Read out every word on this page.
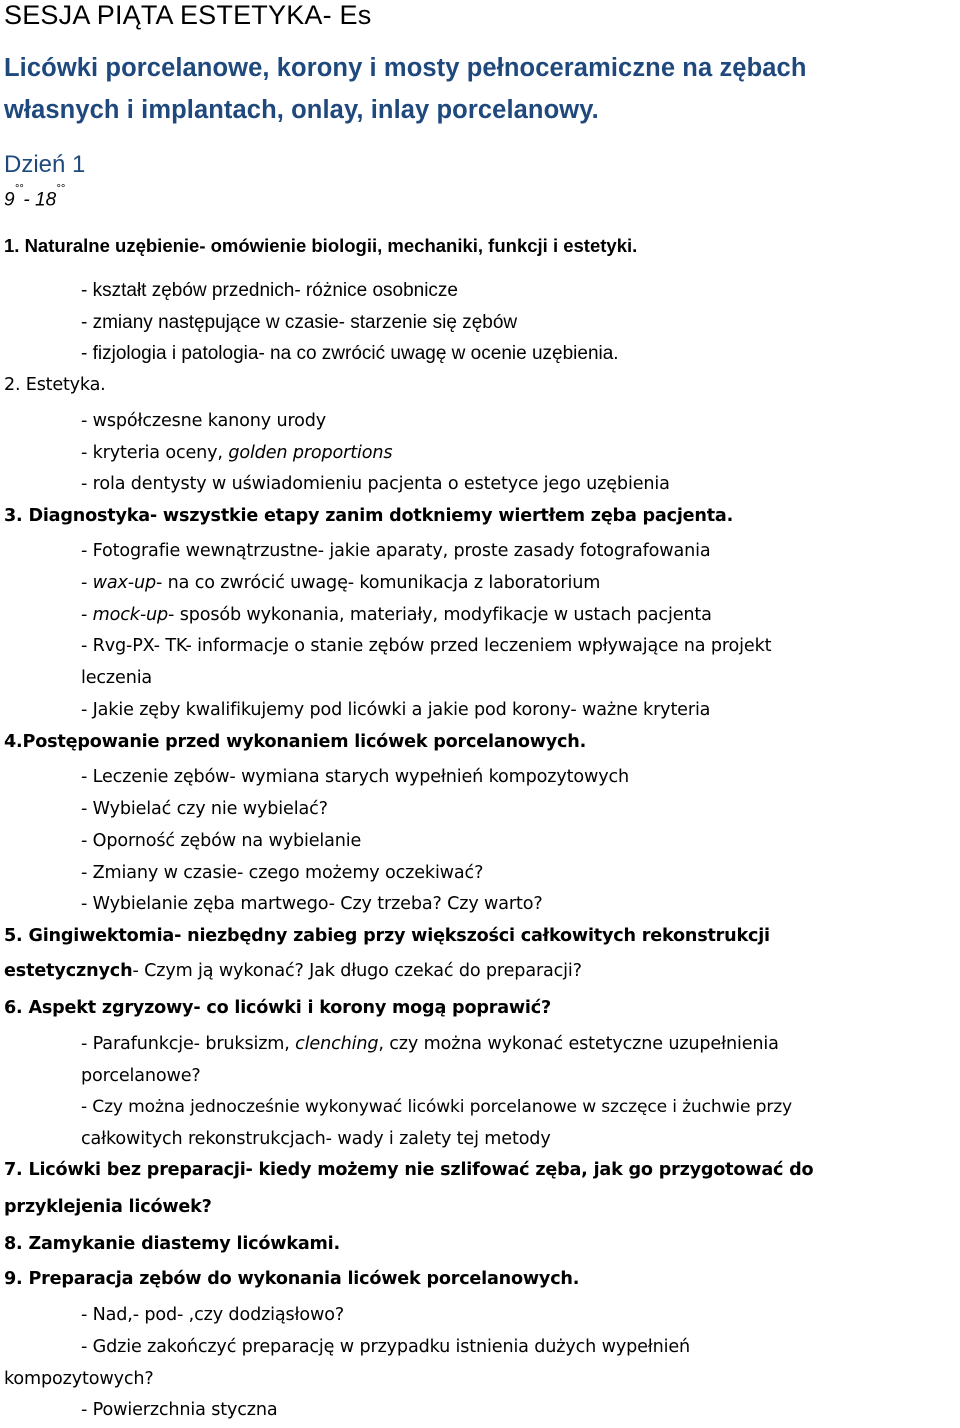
SESJA PIĄTA ESTETYKA- Es
Licówki porcelanowe, korony i mosty pełnoceramiczne na zębach
własnych i implantach, onlay, inlay porcelanowy.
Dzień 1
9°°- 18°°
1. Naturalne uzębienie- omówienie biologii, mechaniki, funkcji i estetyki.
- kształt zębów przednich- różnice osobnicze
- zmiany następujące w czasie- starzenie się zębów
- fizjologia i patologia- na co zwrócić uwagę w ocenie uzębienia.
2. Estetyka.
- współczesne kanony urody
- kryteria oceny, golden proportions
- rola dentysty w uświadomieniu pacjenta o estetyce jego uzębienia
3. Diagnostyka- wszystkie etapy zanim dotkniemy wiertłem zęba pacjenta.
- Fotografie wewnątrzustne- jakie aparaty, proste zasady fotografowania
- wax-up- na co zwrócić uwagę- komunikacja z laboratorium
- mock-up- sposób wykonania, materiały, modyfikacje w ustach pacjenta
- Rvg-PX- TK- informacje o stanie zębów przed leczeniem wpływające na projekt
leczenia
- Jakie zęby kwalifikujemy pod licówki a jakie pod korony- ważne kryteria
4.Postępowanie przed wykonaniem licówek porcelanowych.
- Leczenie zębów- wymiana starych wypełnień kompozytowych
- Wybielać czy nie wybielać?
- Oporność zębów na wybielanie
- Zmiany w czasie- czego możemy oczekiwać?
- Wybielanie zęba martwego- Czy trzeba? Czy warto?
5. Gingiwektomia- niezbędny zabieg przy większości całkowitych rekonstrukcji
estetycznych- Czym ją wykonać? Jak długo czekać do preparacji?
6. Aspekt zgryzowy- co licówki i korony mogą poprawić?
- Parafunkcje- bruksizm, clenching, czy można wykonać estetyczne uzupełnienia
porcelanowe?
- Czy można jednocześnie wykonywać licówki porcelanowe w szczęce i żuchwie przy
całkowitych rekonstrukcjach- wady i zalety tej metody
7. Licówki bez preparacji- kiedy możemy nie szlifować zęba, jak go przygotować do
przyklejenia licówek?
8. Zamykanie diastemy licówkami.
9. Preparacja zębów do wykonania licówek porcelanowych.
- Nad,- pod- ,czy dodziąsłowo?
- Gdzie zakończyć preparację w przypadku istnienia dużych wypełnień
kompozytowych?
- Powierzchnia styczna
